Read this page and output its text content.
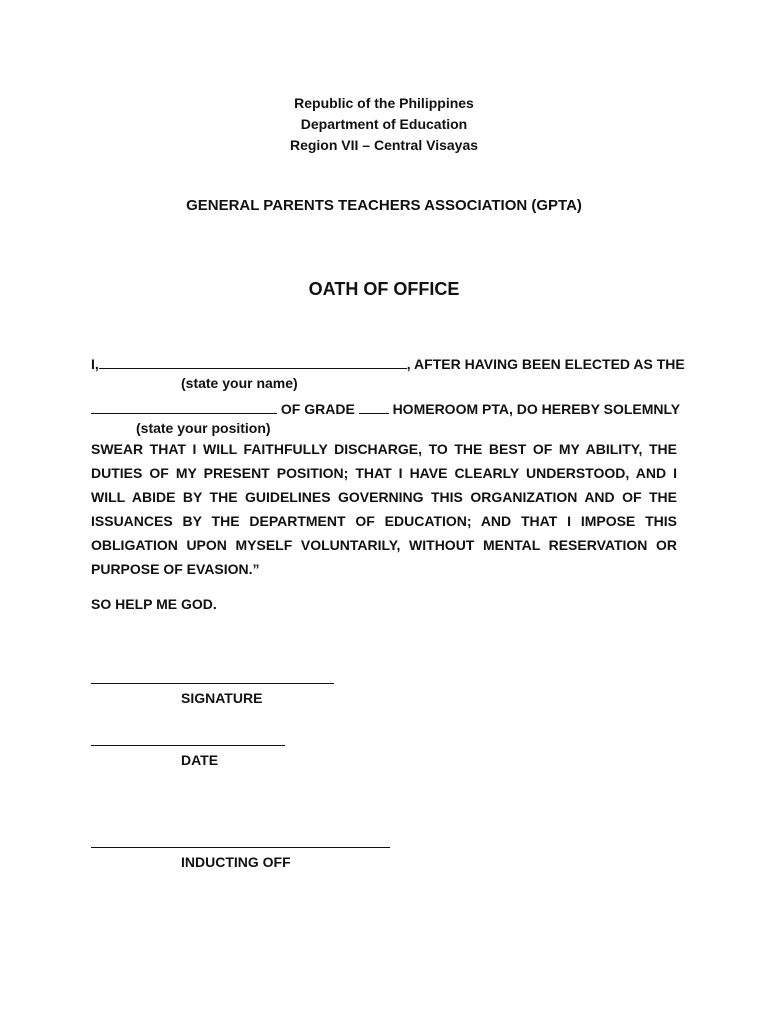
Republic of the Philippines
Department of Education
Region VII – Central Visayas
GENERAL PARENTS TEACHERS ASSOCIATION (GPTA)
OATH OF OFFICE
I,	, AFTER HAVING BEEN ELECTED AS THE
(state your name)
OF GRADE	HOMEROOM PTA, DO HEREBY SOLEMNLY
(state your position)
SWEAR THAT I WILL FAITHFULLY DISCHARGE, TO THE BEST OF MY ABILITY, THE DUTIES OF MY PRESENT POSITION; THAT I HAVE CLEARLY UNDERSTOOD, AND I WILL ABIDE BY THE GUIDELINES GOVERNING THIS ORGANIZATION AND OF THE ISSUANCES BY THE DEPARTMENT OF EDUCATION; AND THAT I IMPOSE THIS OBLIGATION UPON MYSELF VOLUNTARILY, WITHOUT MENTAL RESERVATION OR PURPOSE OF EVASION.”
SO HELP ME GOD.
SIGNATURE
DATE
INDUCTING OFF
